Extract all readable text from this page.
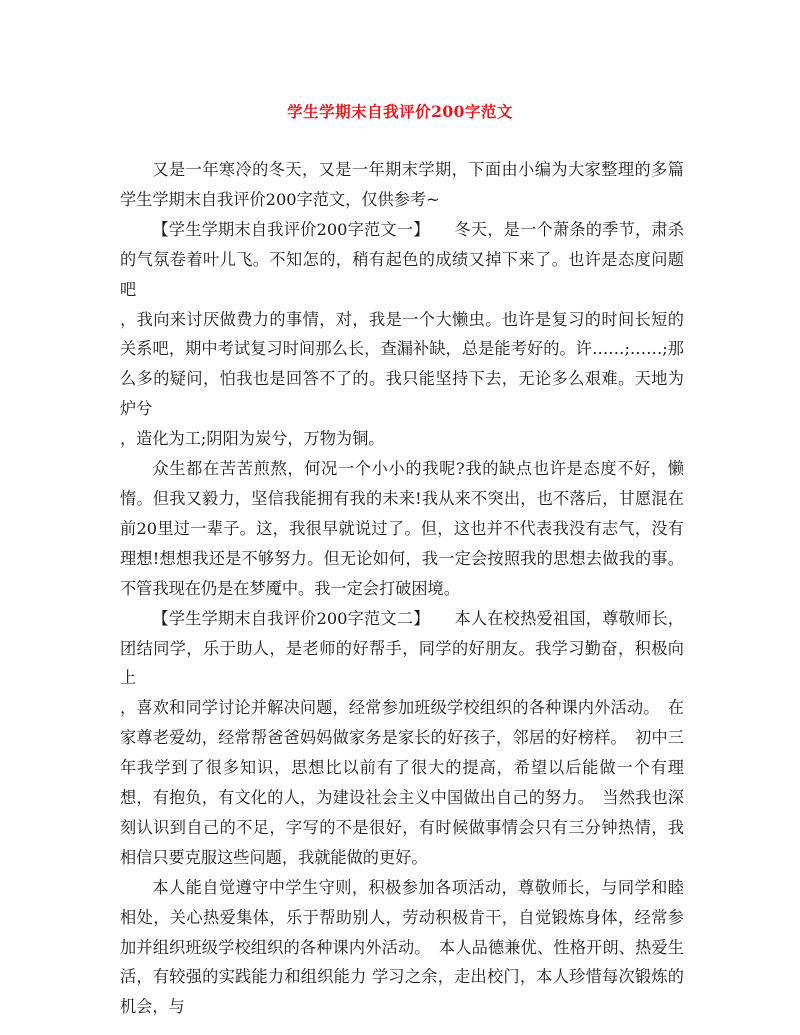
学生学期末自我评价200字范文

又是一年寒冷的冬天，又是一年期末学期，下面由小编为大家整理的多篇学生学期末自我评价200字范文，仅供参考~

【学生学期末自我评价200字范文一】　　冬天，是一个萧条的季节，肃杀的气氛卷着叶儿飞。不知怎的，稍有起色的成绩又掉下来了。也许是态度问题吧

，我向来讨厌做费力的事情，对，我是一个大懒虫。也许是复习的时间长短的关系吧，期中考试复习时间那么长，查漏补缺，总是能考好的。许……;……;那么多的疑问，怕我也是回答不了的。我只能坚持下去，无论多么艰难。天地为炉兮

，造化为工;阴阳为炭兮，万物为铜。

众生都在苦苦煎熬，何况一个小小的我呢?我的缺点也许是态度不好，懒惰。但我又毅力，坚信我能拥有我的未来!我从来不突出，也不落后，甘愿混在前20里过一辈子。这，我很早就说过了。但，这也并不代表我没有志气，没有理想!想想我还是不够努力。但无论如何，我一定会按照我的思想去做我的事。不管我现在仍是在梦魇中。我一定会打破困境。

【学生学期末自我评价200字范文二】　　本人在校热爱祖国，尊敬师长，团结同学，乐于助人，是老师的好帮手，同学的好朋友。我学习勤奋，积极向上

，喜欢和同学讨论并解决问题，经常参加班级学校组织的各种课内外活动。　在家尊老爱幼，经常帮爸爸妈妈做家务是家长的好孩子，邻居的好榜样。　初中三年我学到了很多知识，思想比以前有了很大的提高，希望以后能做一个有理想，有抱负，有文化的人，为建设社会主义中国做出自己的努力。　当然我也深刻认识到自己的不足，字写的不是很好，有时候做事情会只有三分钟热情，我相信只要克服这些问题，我就能做的更好。

本人能自觉遵守中学生守则，积极参加各项活动，尊敬师长，与同学和睦相处，关心热爱集体，乐于帮助别人，劳动积极肯干，自觉锻炼身体，经常参加并组织班级学校组织的各种课内外活动。　本人品德兼优、性格开朗、热爱生活，有较强的实践能力和组织能力 学习之余，走出校门，本人珍惜每次锻炼的机会，与
